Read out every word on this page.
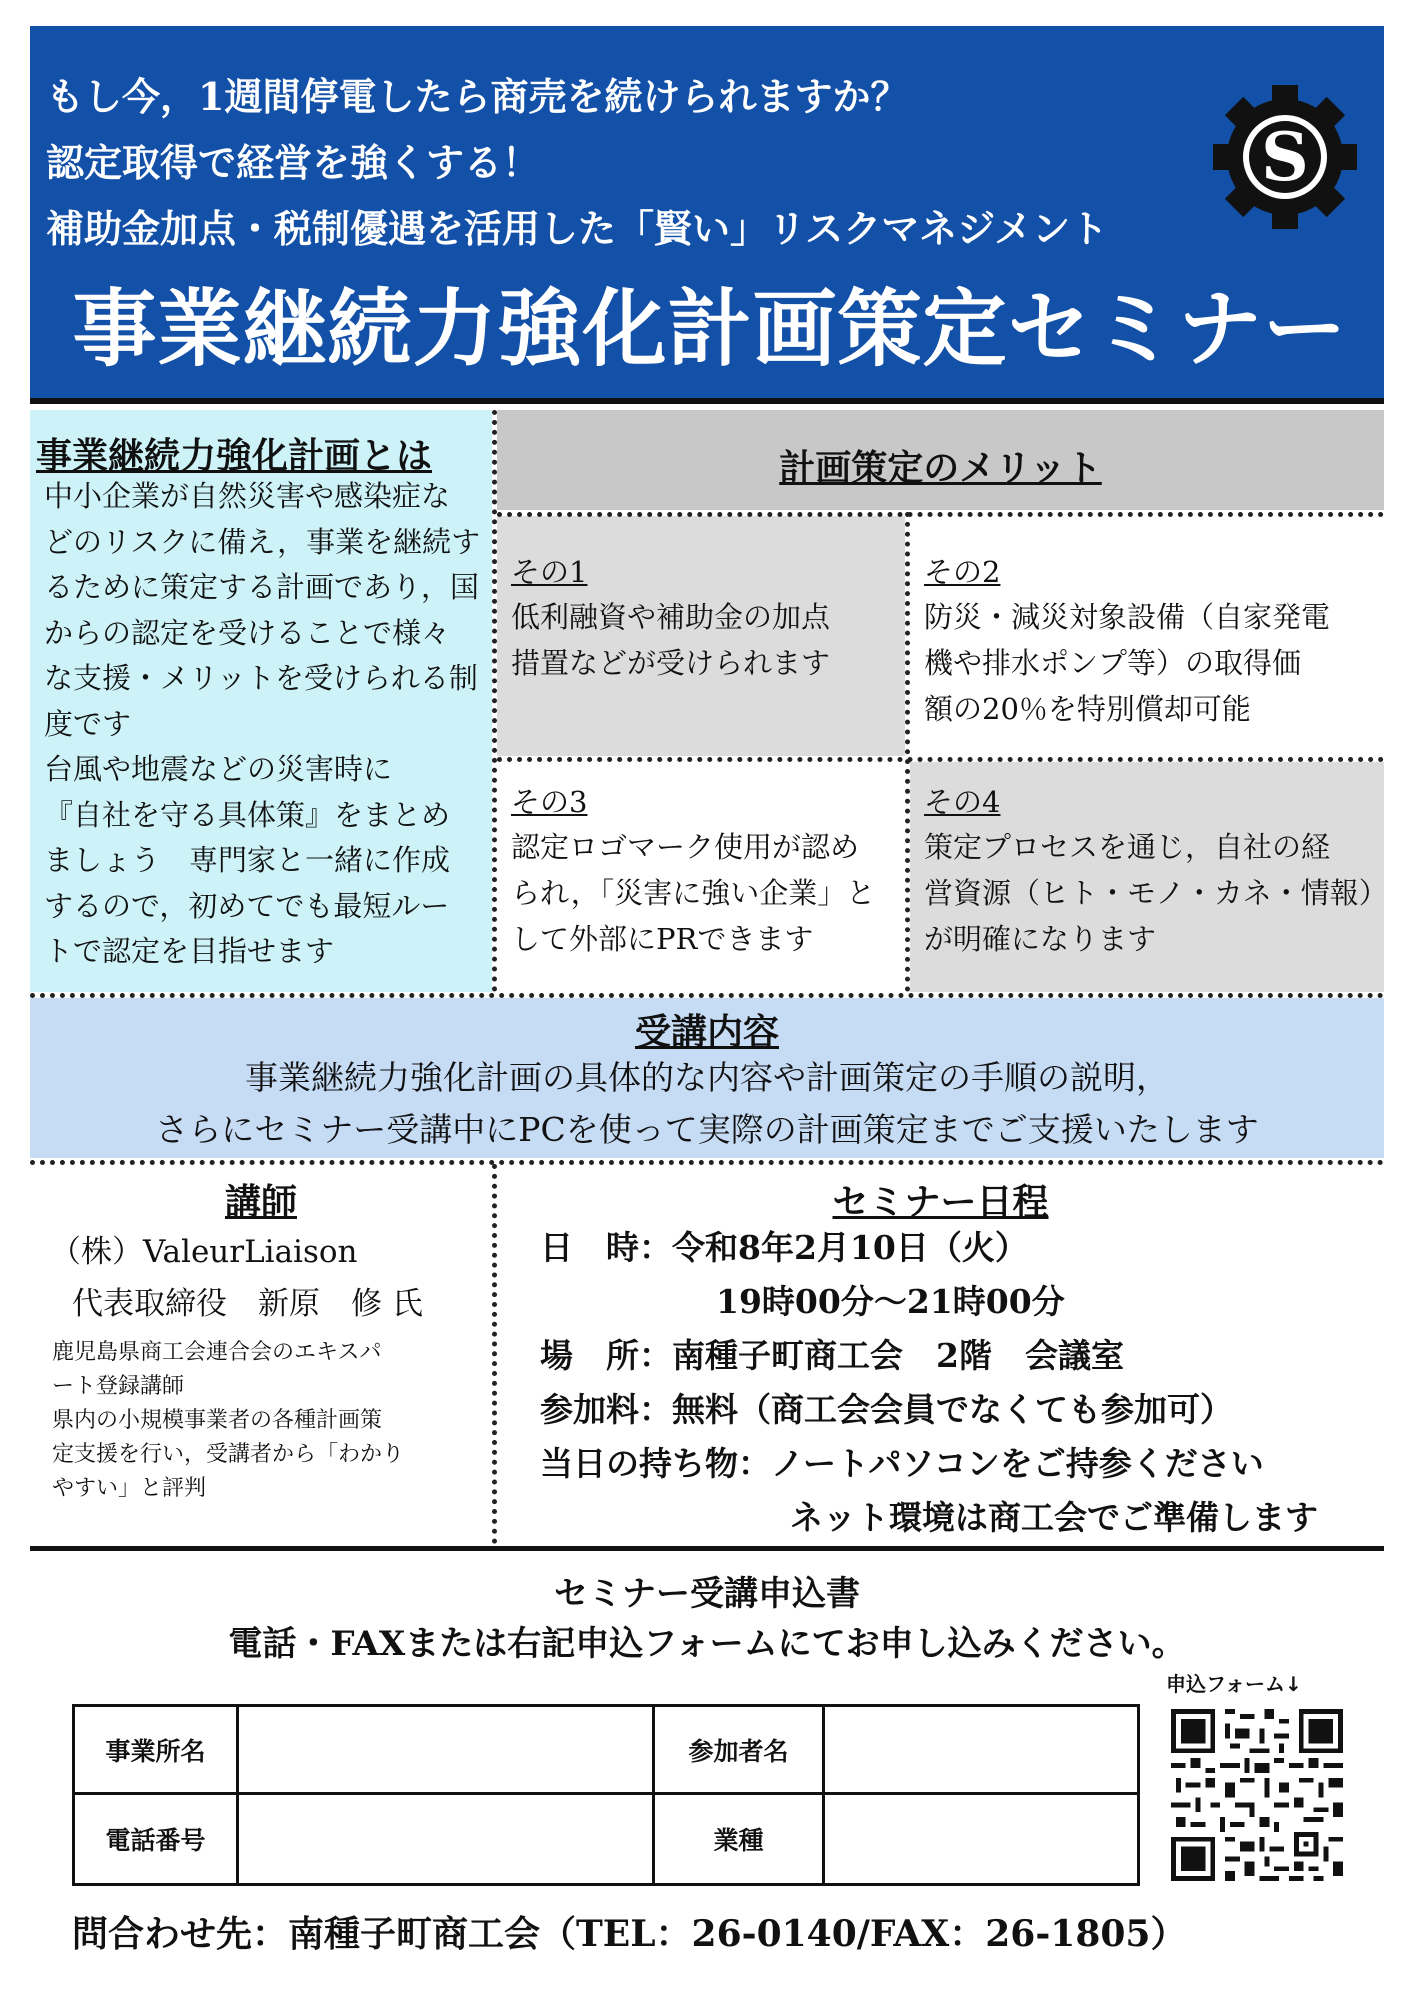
もし今，1週間停電したら商売を続けられますか？
認定取得で経営を強くする！
補助金加点・税制優遇を活用した「賢い」リスクマネジメント
事業継続力強化計画策定セミナー
S
事業継続力強化計画とは
中小企業が自然災害や感染症な
どのリスクに備え，事業を継続す
るために策定する計画であり，国
からの認定を受けることで様々
な支援・メリットを受けられる制
度です
台風や地震などの災害時に
『自社を守る具体策』をまとめ
ましょう　専門家と一緒に作成
するので，初めてでも最短ルー
トで認定を目指せます
計画策定のメリット
その1
低利融資や補助金の加点
措置などが受けられます
その2
防災・減災対象設備（自家発電
機や排水ポンプ等）の取得価
額の20％を特別償却可能
その3
認定ロゴマーク使用が認め
られ，「災害に強い企業」と
して外部にPRできます
その4
策定プロセスを通じ，自社の経
営資源（ヒト・モノ・カネ・情報）
が明確になります
受講内容
事業継続力強化計画の具体的な内容や計画策定の手順の説明，
さらにセミナー受講中にPCを使って実際の計画策定までご支援いたします
講師
（株）ValeurLiaison
代表取締役　新原　修 氏
鹿児島県商工会連合会のエキスパ
ート登録講師
県内の小規模事業者の各種計画策
定支援を行い，受講者から「わかり
やすい」と評判
セミナー日程
日　時：令和8年2月10日（火）
19時00分～21時00分
場　所：南種子町商工会　2階　会議室
参加料：無料（商工会会員でなくても参加可）
当日の持ち物：ノートパソコンをご持参ください
ネット環境は商工会でご準備します
セミナー受講申込書
電話・FAXまたは右記申込フォームにてお申し込みください。
申込フォーム↓
事業所名	参加者名
電話番号	業種
問合わせ先：南種子町商工会（TEL：26-0140/FAX：26-1805）
